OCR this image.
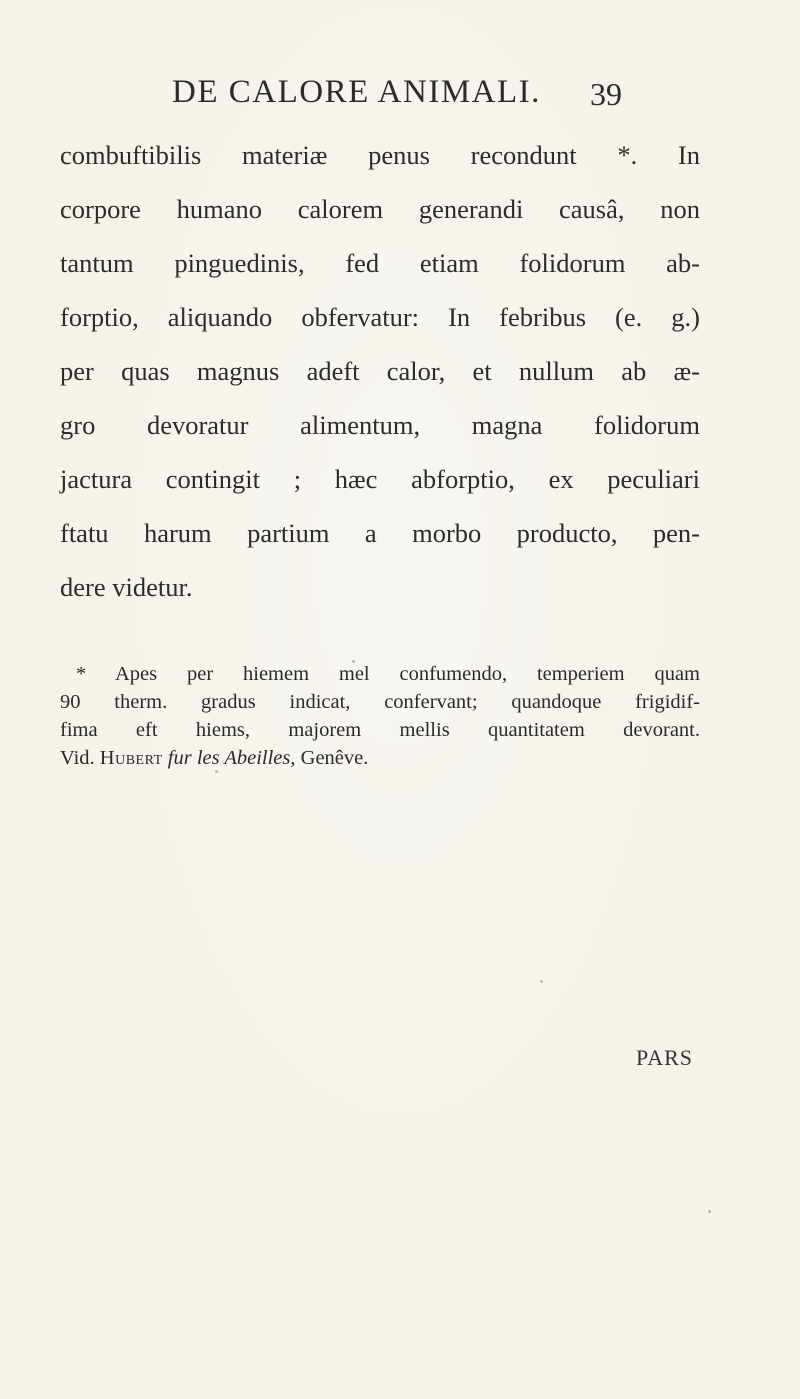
DE CALORE ANIMALI. 39
combuftibilis materiæ penus recondunt *. In
corpore humano calorem generandi causâ, non
tantum pinguedinis, fed etiam folidorum ab-
forptio, aliquando obfervatur: In febribus (e. g.)
per quas magnus adeft calor, et nullum ab æ-
gro devoratur alimentum, magna folidorum
jactura contingit ; hæc abforptio, ex peculiari
ftatu harum partium a morbo producto, pen-
dere videtur.
* Apes per hiemem mel confumendo, temperiem quam
90 therm. gradus indicat, confervant; quandoque frigidif-
fima eft hiems, majorem mellis quantitatem devorant.
Vid. Hubert fur les Abeilles, Genêve.
PARS
